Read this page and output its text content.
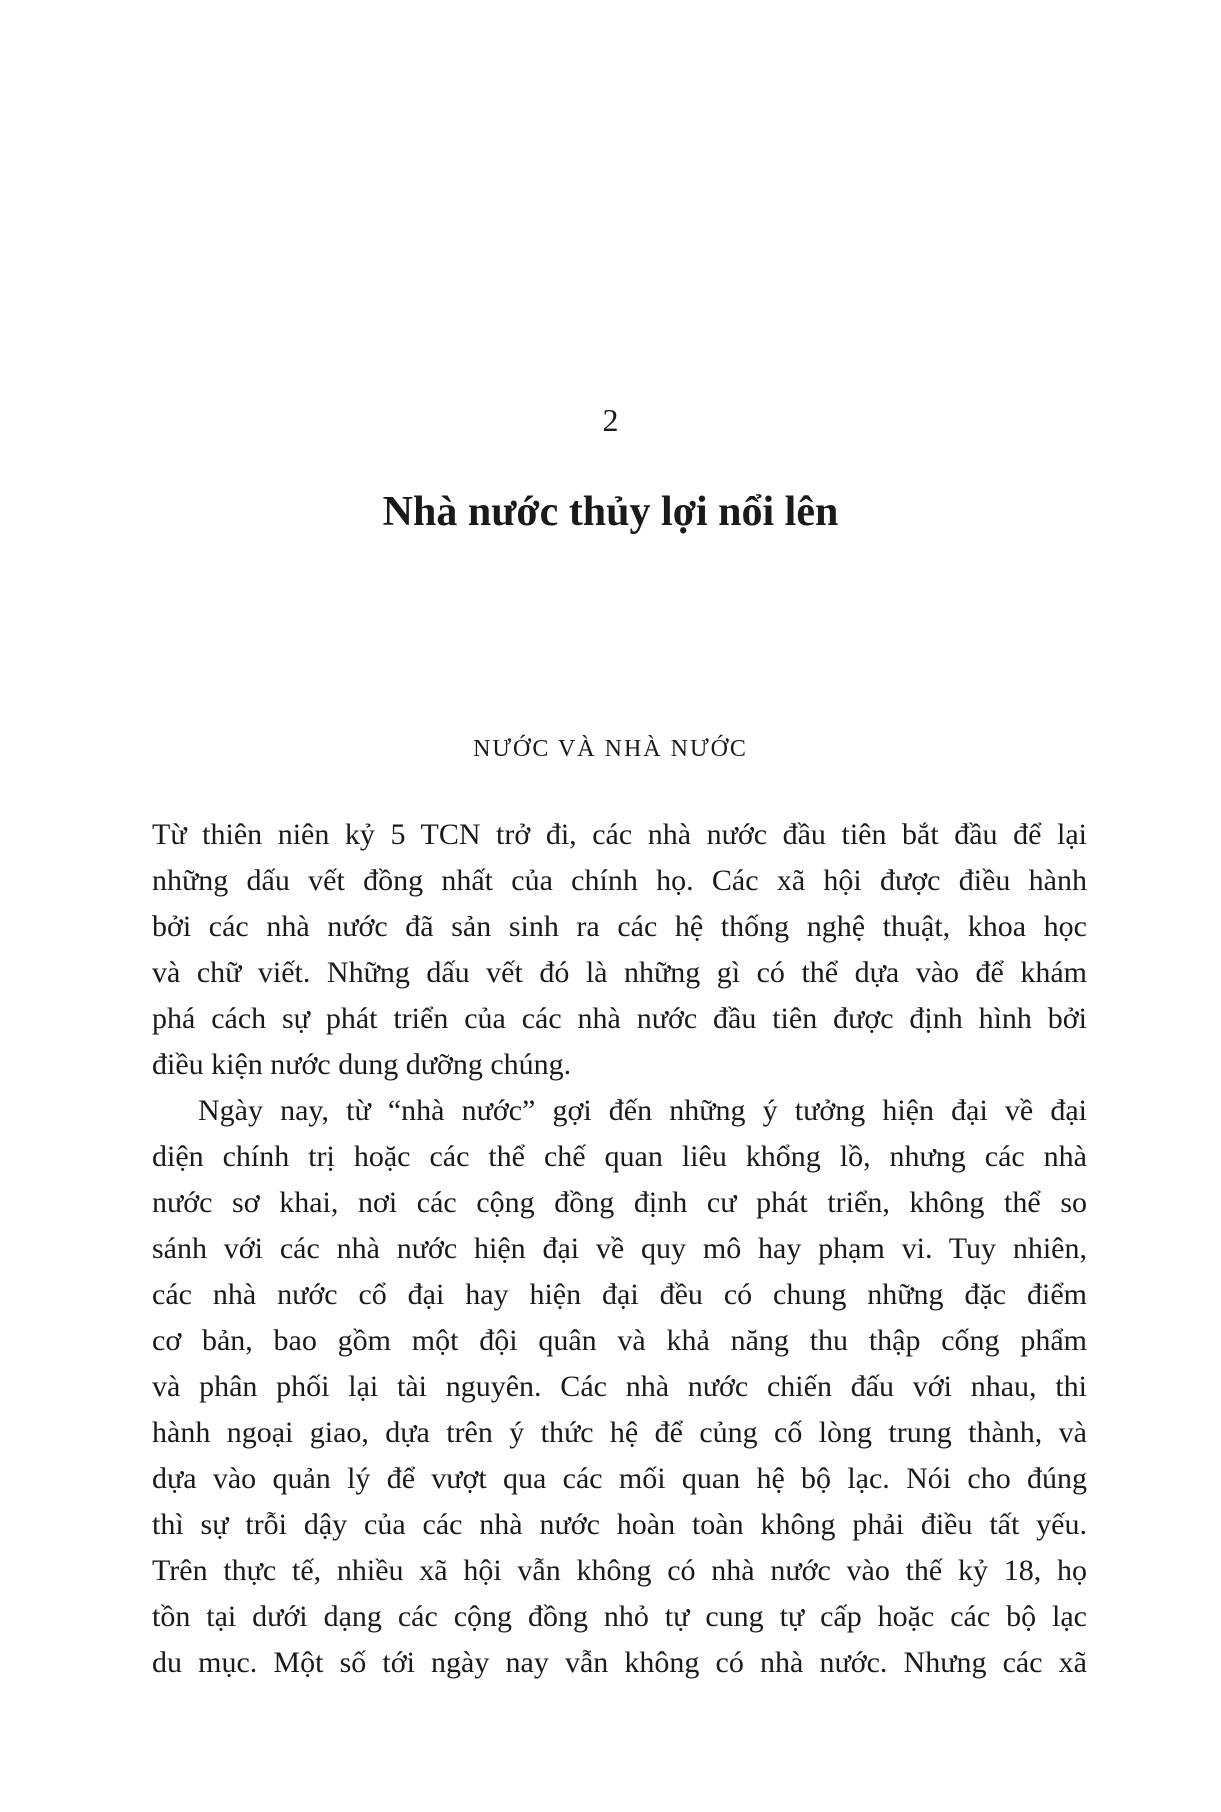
2
Nhà nước thủy lợi nổi lên
NƯỚC VÀ NHÀ NƯỚC
Từ thiên niên kỷ 5 TCN trở đi, các nhà nước đầu tiên bắt đầu để lại
những dấu vết đồng nhất của chính họ. Các xã hội được điều hành
bởi các nhà nước đã sản sinh ra các hệ thống nghệ thuật, khoa học
và chữ viết. Những dấu vết đó là những gì có thể dựa vào để khám
phá cách sự phát triển của các nhà nước đầu tiên được định hình bởi
điều kiện nước dung dưỡng chúng.
Ngày nay, từ “nhà nước” gợi đến những ý tưởng hiện đại về đại
diện chính trị hoặc các thể chế quan liêu khổng lồ, nhưng các nhà
nước sơ khai, nơi các cộng đồng định cư phát triển, không thể so
sánh với các nhà nước hiện đại về quy mô hay phạm vi. Tuy nhiên,
các nhà nước cổ đại hay hiện đại đều có chung những đặc điểm
cơ bản, bao gồm một đội quân và khả năng thu thập cống phẩm
và phân phối lại tài nguyên. Các nhà nước chiến đấu với nhau, thi
hành ngoại giao, dựa trên ý thức hệ để củng cố lòng trung thành, và
dựa vào quản lý để vượt qua các mối quan hệ bộ lạc. Nói cho đúng
thì sự trỗi dậy của các nhà nước hoàn toàn không phải điều tất yếu.
Trên thực tế, nhiều xã hội vẫn không có nhà nước vào thế kỷ 18, họ
tồn tại dưới dạng các cộng đồng nhỏ tự cung tự cấp hoặc các bộ lạc
du mục. Một số tới ngày nay vẫn không có nhà nước. Nhưng các xã
